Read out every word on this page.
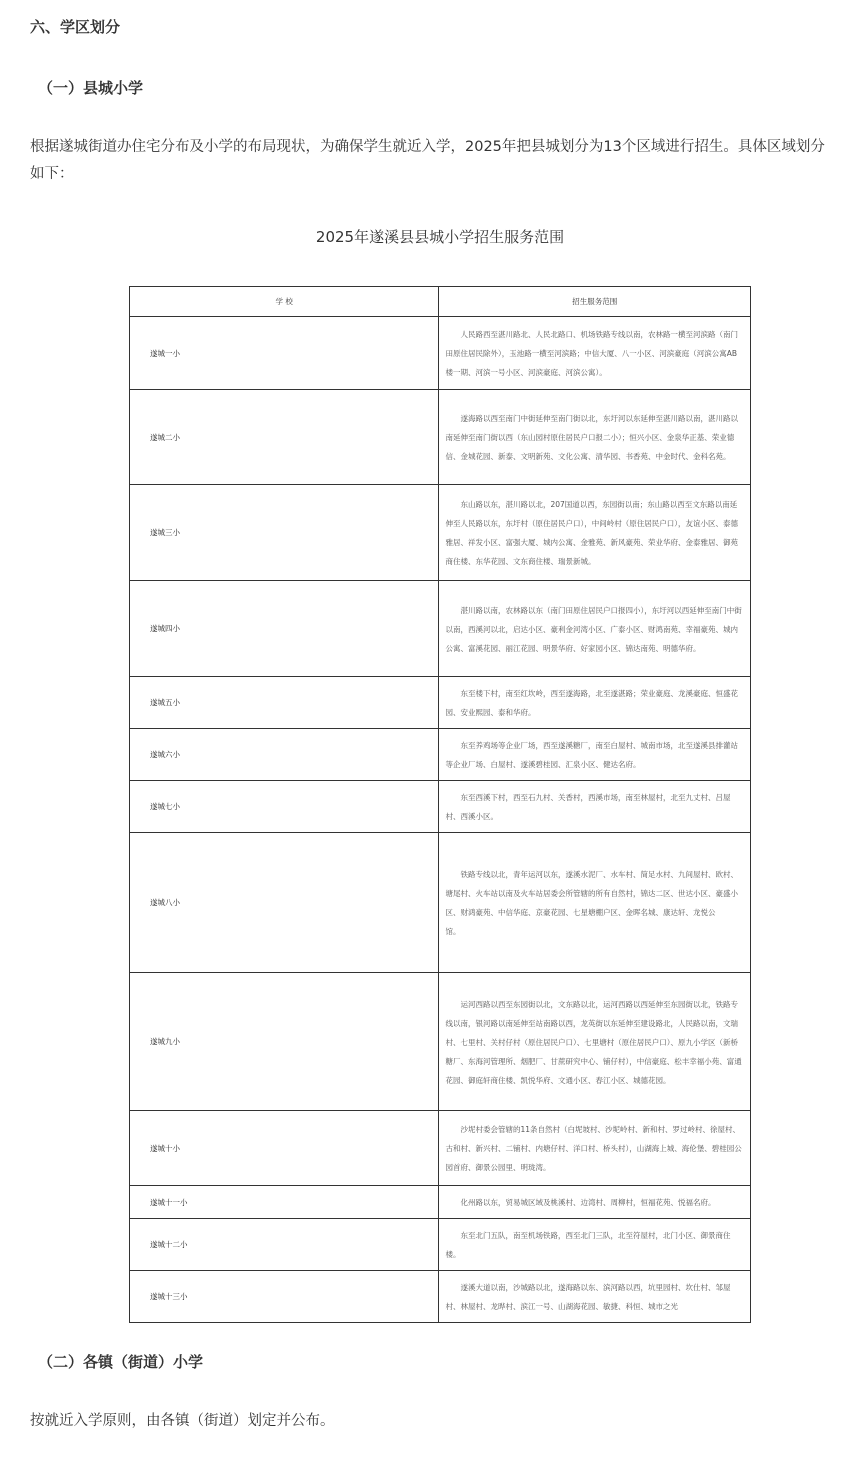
六、学区划分
（一）县城小学

根据遂城街道办住宅分布及小学的布局现状，为确保学生就近入学，2025年把县城划分为13个区域进行招生。具体区域划分如下：

2025年遂溪县县城小学招生服务范围

学 校	招生服务范围
遂城一小	人民路西至湛川路北、人民北路口、机场铁路专线以南，农林路一横至河滨路（南门田原住居民除外），玉池路一横至河滨路；中信大厦、八一小区、河滨豪庭（河滨公寓AB楼一期、河滨一号小区、河滨豪庭、河滨公寓）。
遂城二小	遂海路以西至南门中街延伸至南门街以北，东圩河以东延伸至湛川路以南，湛川路以南延伸至南门街以西（东山园村原住居民户口报二小）；恒兴小区、金泉华正基、荣业德信、金城花园、新泰、文明新苑、文化公寓、清华园、书香苑、中金时代、金科名苑。
遂城三小	东山路以东，湛川路以北，207国道以西，东园街以南；东山路以西至文东路以南延伸至人民路以东，东圩村（原住居民户口），中间岭村（原住居民户口），友谊小区、泰德雅居、祥发小区、富强大厦、城内公寓、金雅苑、新风豪苑、荣业华府、金泰雅居、御苑商住楼、东华花园、文东商住楼、瑞景新城。
遂城四小	湛川路以南，农林路以东（南门田原住居民户口报四小），东圩河以西延伸至南门中街以南，西溪河以北，启达小区、豪利金河湾小区、广泰小区、财鸿南苑、幸福豪苑、城内公寓、富溪花园、丽江花园、明景华府、好家园小区、锦达南苑、明德华府。
遂城五小	东至楼下村，南至红坎岭，西至遂海路，北至遂湛路；荣业豪庭、龙溪豪庭、恒盛花园、安业熙园、泰和华府。
遂城六小	东至养鸡场等企业厂场，西至遂溪糖厂，南至白屋村、城南市场，北至遂溪县排灌站等企业厂场、白屋村、遂溪碧桂园、汇泉小区、健达名府。
遂城七小	东至西溪下村，西至石九村、关香村，西溪市场，南至林屋村，北至九丈村、吕屋村、西溪小区。
遂城八小	铁路专线以北，青年运河以东，遂溪水泥厂、水车村、简足水村、九间屋村、欧村、塘尾村、火车站以南及火车站居委会所管辖的所有自然村，锦达二区、世达小区、豪盛小区、财鸿豪苑、中信华庭、京豪花园、七星塘棚户区、金晖名城、康达轩、龙悦公
馆。

遂城九小	运河西路以西至东园街以北，文东路以北，运河西路以西延伸至东园街以北，铁路专线以南，银河路以南延伸至站南路以西，龙英街以东延伸至建设路北，人民路以南，文瑞村、七里村、关村仔村（原住居民户口）、七里塘村（原住居民户口）、原九小学区（新桥糖厂、东海河管理所、烟肥厂、甘蔗研究中心、铺仔村），中信豪庭、松丰幸福小苑、富通花园、御庭轩商住楼、凯悦华府、文通小区、春江小区、城德花园。
遂城十小	沙坭村委会管辖的11条自然村（白坭坡村、沙坭岭村、新和村、罗过岭村、徐屋村、古和村、新兴村、二铺村、内塘仔村、洋口村、桥头村），山湖海上城、海伦堡、碧桂园公园首府、御景公园里、明珑湾。
遂城十一小	化州路以东，贸易城区域及桃溪村、边湾村、周柳村，恒福花苑、悦福名府。
遂城十二小	东至北门五队，南至机场铁路，西至北门三队，北至符屋村，北门小区、御景商住楼。
遂城十三小	遂溪大道以南，沙城路以北，遂海路以东、滨河路以西，坑里园村、坎仕村、邹屋村、林屋村、龙晔村、滨江一号、山湖海花园、敏捷、科恒、城市之光
（二）各镇（街道）小学

按就近入学原则，由各镇（街道）划定并公布。
